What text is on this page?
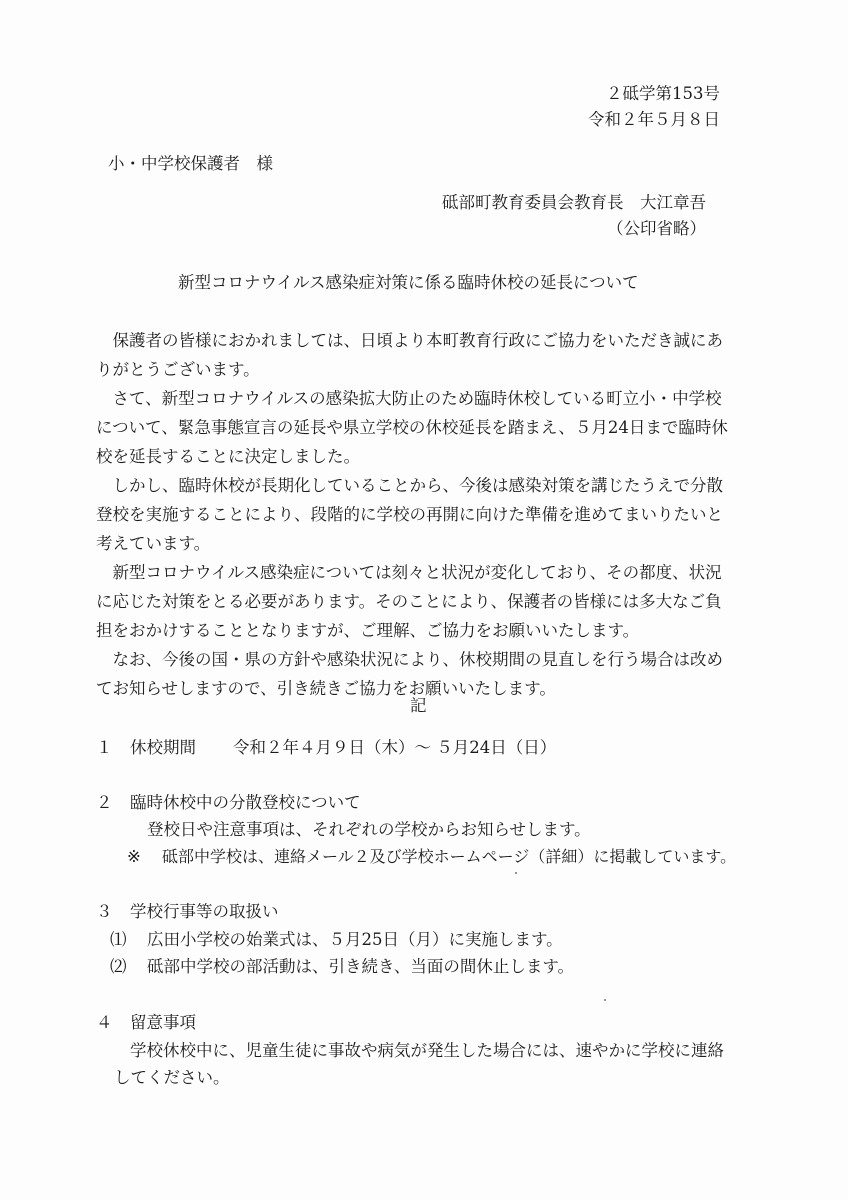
２砥学第153号
令和２年５月８日
小・中学校保護者　様
砥部町教育委員会教育長　大江章吾
（公印省略）
新型コロナウイルス感染症対策に係る臨時休校の延長について
　保護者の皆様におかれましては、日頃より本町教育行政にご協力をいただき誠にあ
りがとうございます。
　さて、新型コロナウイルスの感染拡大防止のため臨時休校している町立小・中学校
について、緊急事態宣言の延長や県立学校の休校延長を踏まえ、５月24日まで臨時休
校を延長することに決定しました。
　しかし、臨時休校が長期化していることから、今後は感染対策を講じたうえで分散
登校を実施することにより、段階的に学校の再開に向けた準備を進めてまいりたいと
考えています。
　新型コロナウイルス感染症については刻々と状況が変化しており、その都度、状況
に応じた対策をとる必要があります。そのことにより、保護者の皆様には多大なご負
担をおかけすることとなりますが、ご理解、ご協力をお願いいたします。
　なお、今後の国・県の方針や感染状況により、休校期間の見直しを行う場合は改め
てお知らせしますので、引き続きご協力をお願いいたします。
記
１ 休校期間 令和２年４月９日（木）～ ５月24日（日）
２ 臨時休校中の分散登校について
登校日や注意事項は、それぞれの学校からお知らせします。
※ 砥部中学校は、連絡メール２及び学校ホームページ（詳細）に掲載しています。
３ 学校行事等の取扱い
⑴ 広田小学校の始業式は、５月25日（月）に実施します。
⑵ 砥部中学校の部活動は、引き続き、当面の間休止します。
４ 留意事項
学校休校中に、児童生徒に事故や病気が発生した場合には、速やかに学校に連絡
してください。
